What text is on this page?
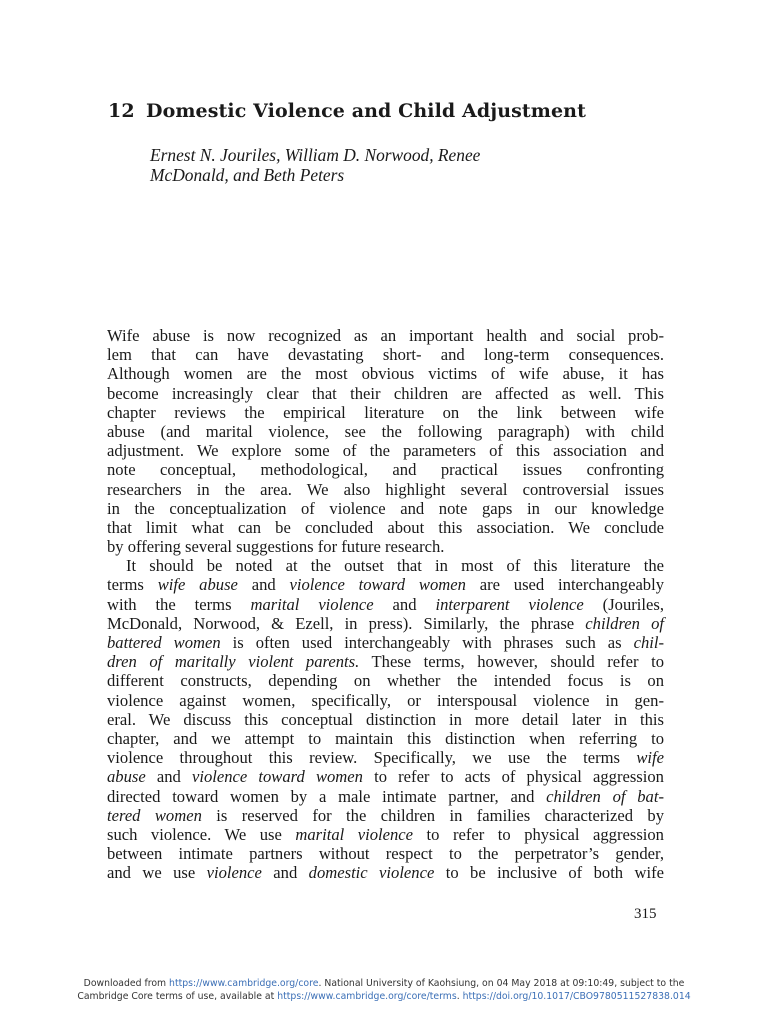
12 Domestic Violence and Child Adjustment
Ernest N. Jouriles, William D. Norwood, Renee
McDonald, and Beth Peters
Wife abuse is now recognized as an important health and social prob-
lem that can have devastating short- and long-term consequences.
Although women are the most obvious victims of wife abuse, it has
become increasingly clear that their children are affected as well. This
chapter reviews the empirical literature on the link between wife
abuse (and marital violence, see the following paragraph) with child
adjustment. We explore some of the parameters of this association and
note conceptual, methodological, and practical issues confronting
researchers in the area. We also highlight several controversial issues
in the conceptualization of violence and note gaps in our knowledge
that limit what can be concluded about this association. We conclude
by offering several suggestions for future research.
It should be noted at the outset that in most of this literature the
terms wife abuse and violence toward women are used interchangeably
with the terms marital violence and interparent violence (Jouriles,
McDonald, Norwood, & Ezell, in press). Similarly, the phrase children of
battered women is often used interchangeably with phrases such as chil-
dren of maritally violent parents. These terms, however, should refer to
different constructs, depending on whether the intended focus is on
violence against women, specifically, or interspousal violence in gen-
eral. We discuss this conceptual distinction in more detail later in this
chapter, and we attempt to maintain this distinction when referring to
violence throughout this review. Specifically, we use the terms wife
abuse and violence toward women to refer to acts of physical aggression
directed toward women by a male intimate partner, and children of bat-
tered women is reserved for the children in families characterized by
such violence. We use marital violence to refer to physical aggression
between intimate partners without respect to the perpetrator’s gender,
and we use violence and domestic violence to be inclusive of both wife
315
Downloaded from https://www.cambridge.org/core. National University of Kaohsiung, on 04 May 2018 at 09:10:49, subject to the
Cambridge Core terms of use, available at https://www.cambridge.org/core/terms. https://doi.org/10.1017/CBO9780511527838.014
